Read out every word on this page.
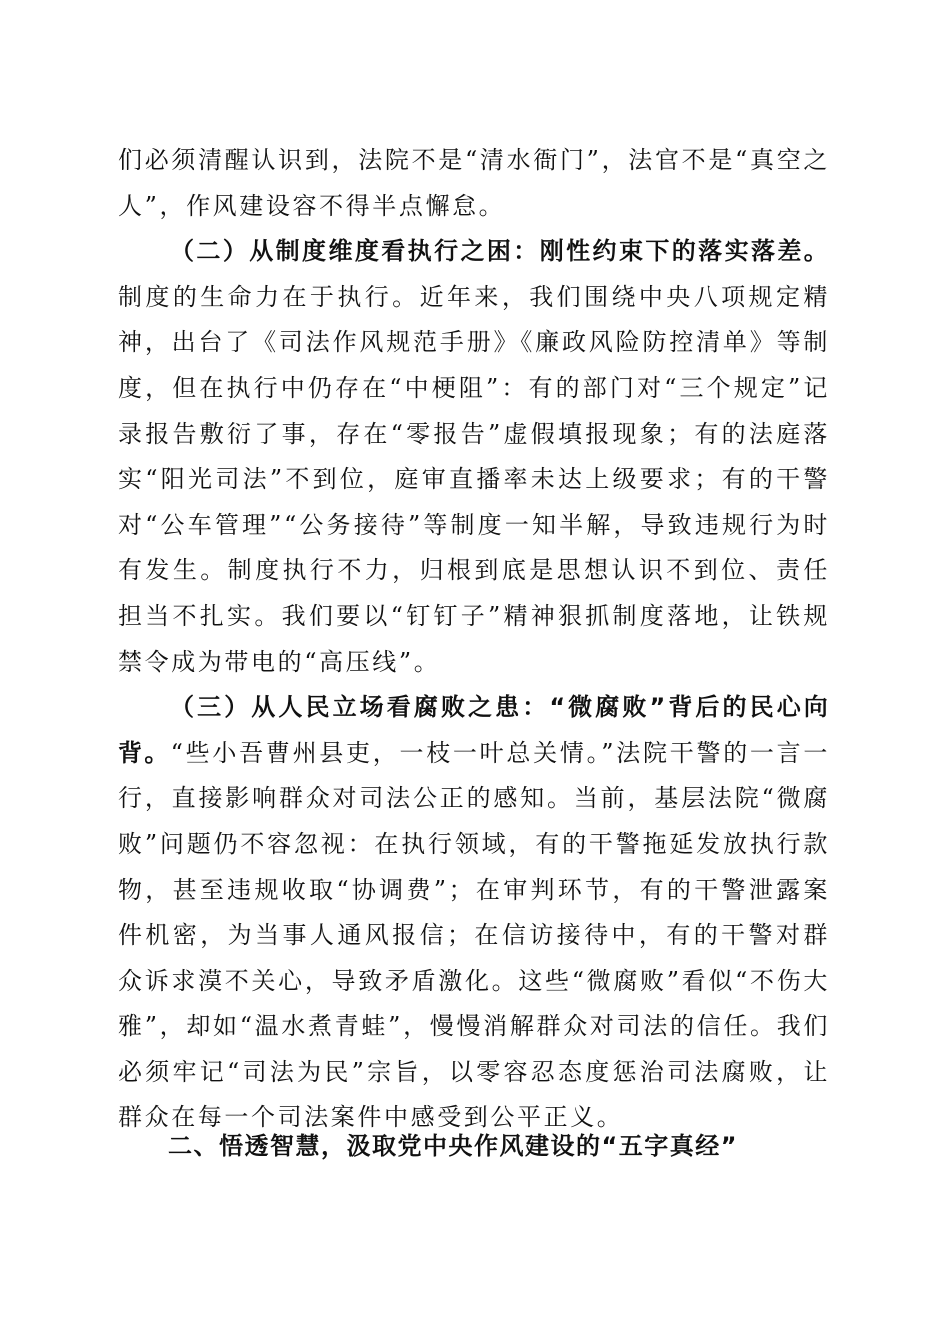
们必须清醒认识到，法院不是“清水衙门”，法官不是“真空之人”，作风建设容不得半点懈怠。

（二）从制度维度看执行之困：刚性约束下的落实落差。制度的生命力在于执行。近年来，我们围绕中央八项规定精神，出台了《司法作风规范手册》《廉政风险防控清单》等制度，但在执行中仍存在“中梗阻”：有的部门对“三个规定”记录报告敷衍了事，存在“零报告”虚假填报现象；有的法庭落实“阳光司法”不到位，庭审直播率未达上级要求；有的干警对“公车管理”“公务接待”等制度一知半解，导致违规行为时有发生。制度执行不力，归根到底是思想认识不到位、责任担当不扎实。我们要以“钉钉子”精神狠抓制度落地，让铁规禁令成为带电的“高压线”。

（三）从人民立场看腐败之患：“微腐败”背后的民心向背。“些小吾曹州县吏，一枝一叶总关情。”法院干警的一言一行，直接影响群众对司法公正的感知。当前，基层法院“微腐败”问题仍不容忽视：在执行领域，有的干警拖延发放执行款物，甚至违规收取“协调费”；在审判环节，有的干警泄露案件机密，为当事人通风报信；在信访接待中，有的干警对群众诉求漠不关心，导致矛盾激化。这些“微腐败”看似“不伤大雅”，却如“温水煮青蛙”，慢慢消解群众对司法的信任。我们必须牢记“司法为民”宗旨，以零容忍态度惩治司法腐败，让群众在每一个司法案件中感受到公平正义。

二、悟透智慧，汲取党中央作风建设的“五字真经”
